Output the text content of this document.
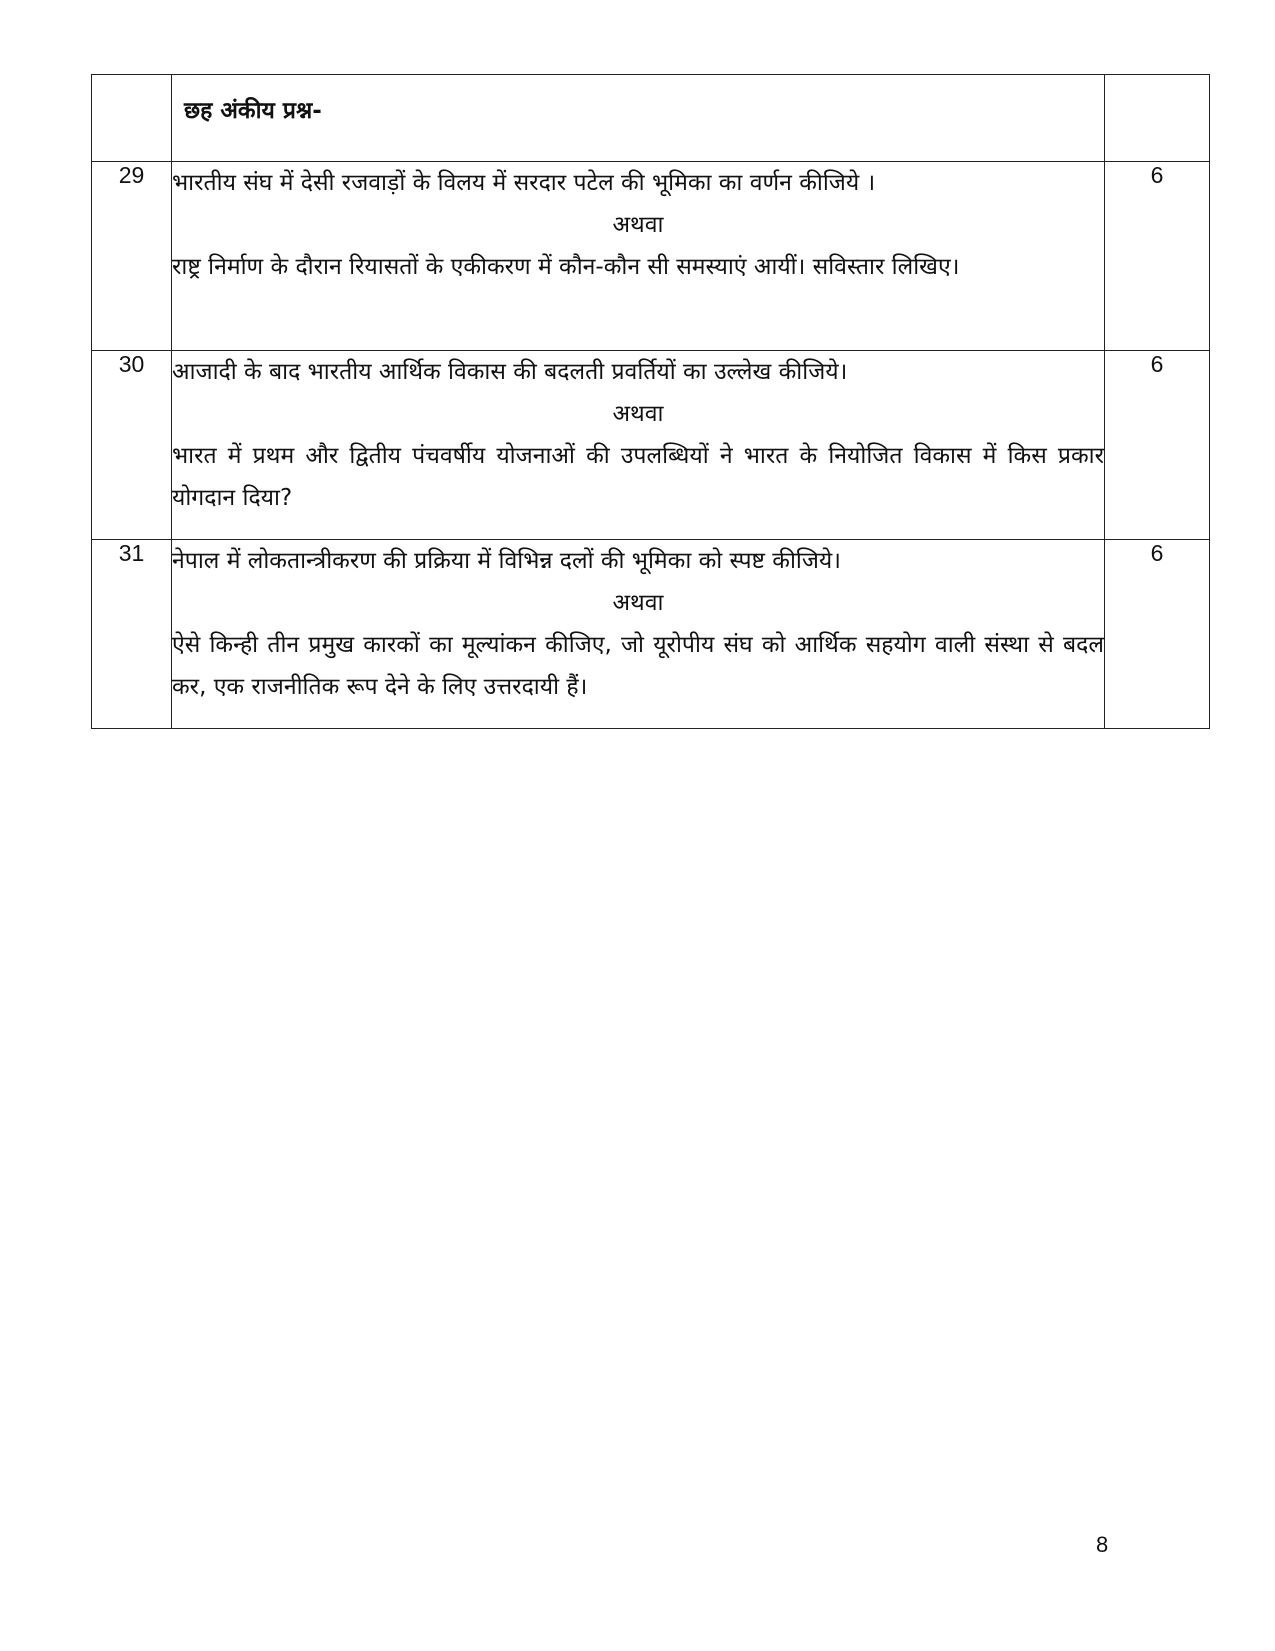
	छह अंकीय प्रश्न-	
29	भारतीय संघ में देसी रजवाड़ों के विलय में सरदार पटेल की भूमिका का वर्णन कीजिये ।
अथवा
राष्ट्र निर्माण के दौरान रियासतों के एकीकरण में कौन-कौन सी समस्याएं आयीं। सविस्तार लिखिए।	6
30	आजादी के बाद भारतीय आर्थिक विकास की बदलती प्रवर्तियों का उल्लेख कीजिये।
अथवा
भारत में प्रथम और द्वितीय पंचवर्षीय योजनाओं की उपलब्धियों ने भारत के नियोजित विकास में किस प्रकार योगदान दिया?	6
31	नेपाल में लोकतान्त्रीकरण की प्रक्रिया में विभिन्न दलों की भूमिका को स्पष्ट कीजिये।
अथवा
ऐसे किन्ही तीन प्रमुख कारकों का मूल्यांकन कीजिए, जो यूरोपीय संघ को आर्थिक सहयोग वाली संस्था से बदल कर, एक राजनीतिक रूप देने के लिए उत्तरदायी हैं।	6
8
